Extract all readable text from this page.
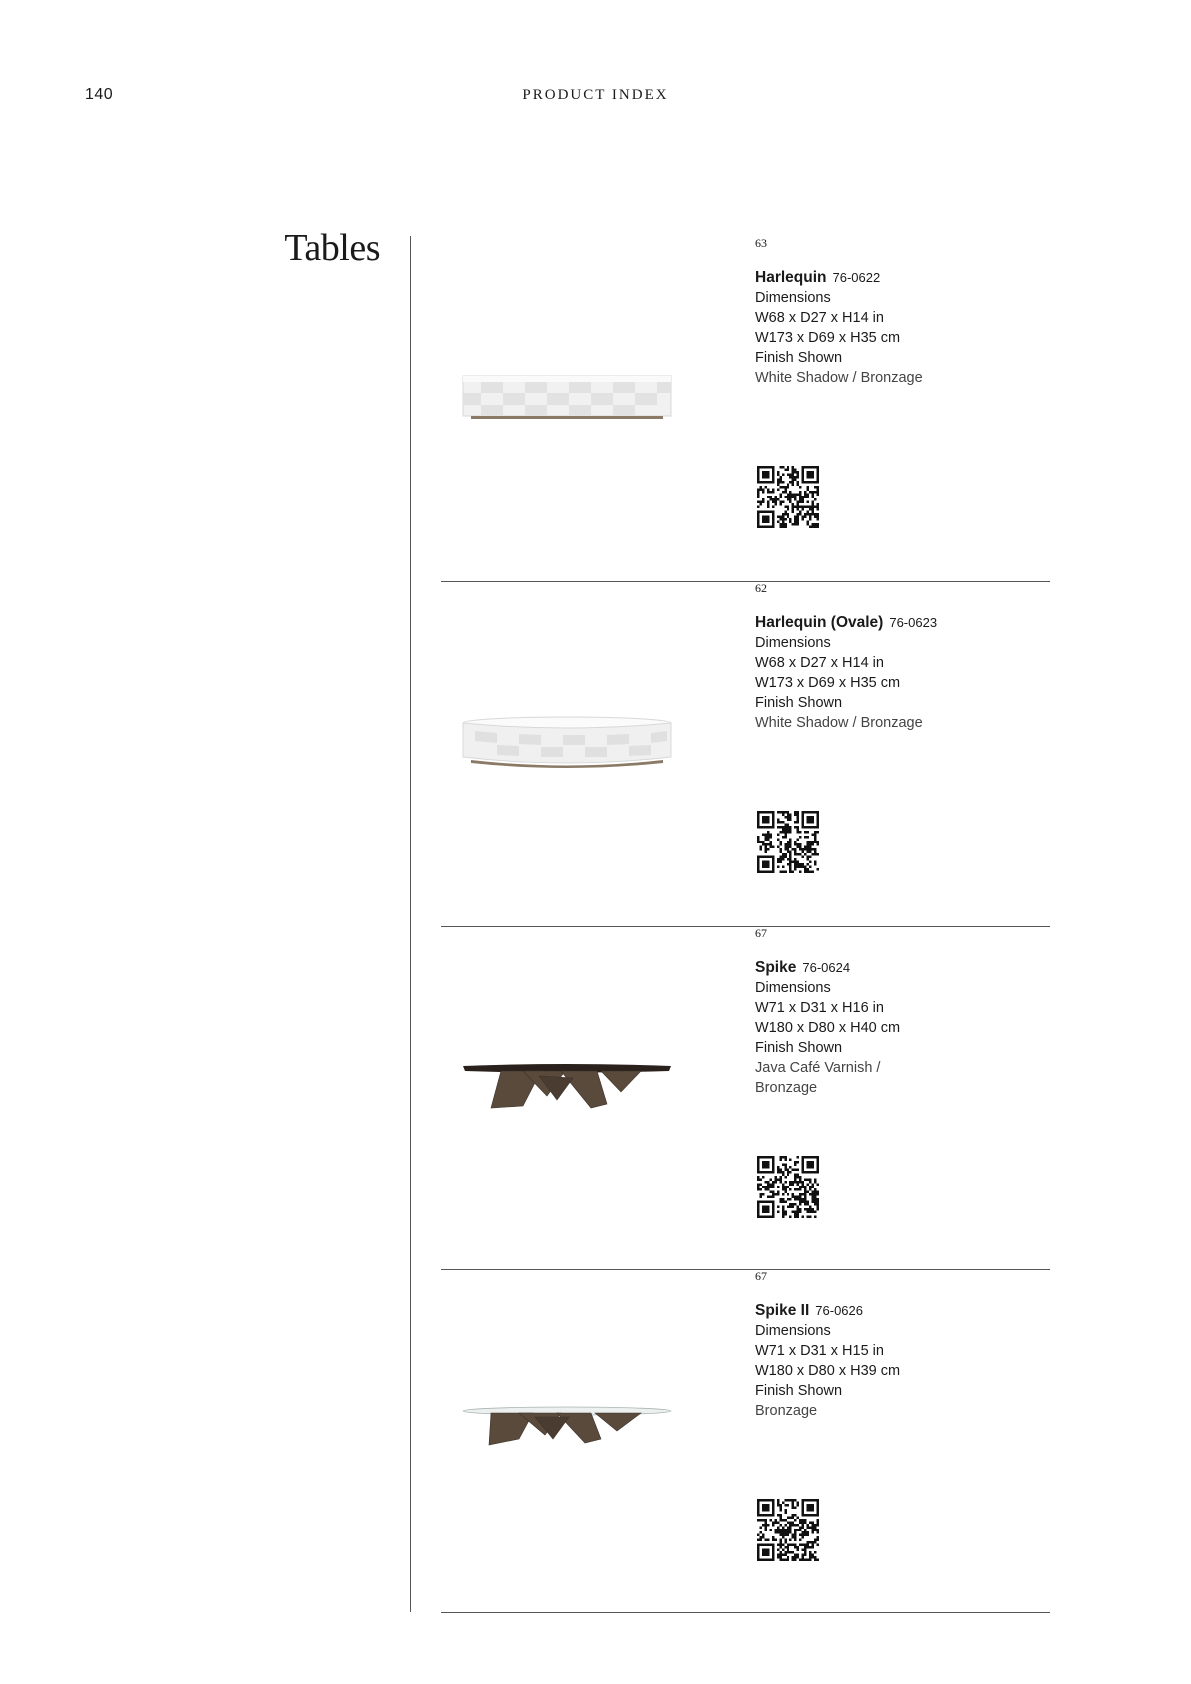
140	PRODUCT INDEX
Tables	63

Harlequin 76-0622

Dimensions
W68 x D27 x H14 in
W173 x D69 x H35 cm
Finish Shown
White Shadow / Bronzage
62

Harlequin (Ovale) 76-0623

Dimensions
W68 x D27 x H14 in
W173 x D69 x H35 cm
Finish Shown
White Shadow / Bronzage
67

Spike 76-0624

Dimensions
W71 x D31 x H16 in
W180 x D80 x H40 cm
Finish Shown
Java Café Varnish /
Bronzage
67

Spike II 76-0626

Dimensions
W71 x D31 x H15 in
W180 x D80 x H39 cm
Finish Shown
Bronzage
